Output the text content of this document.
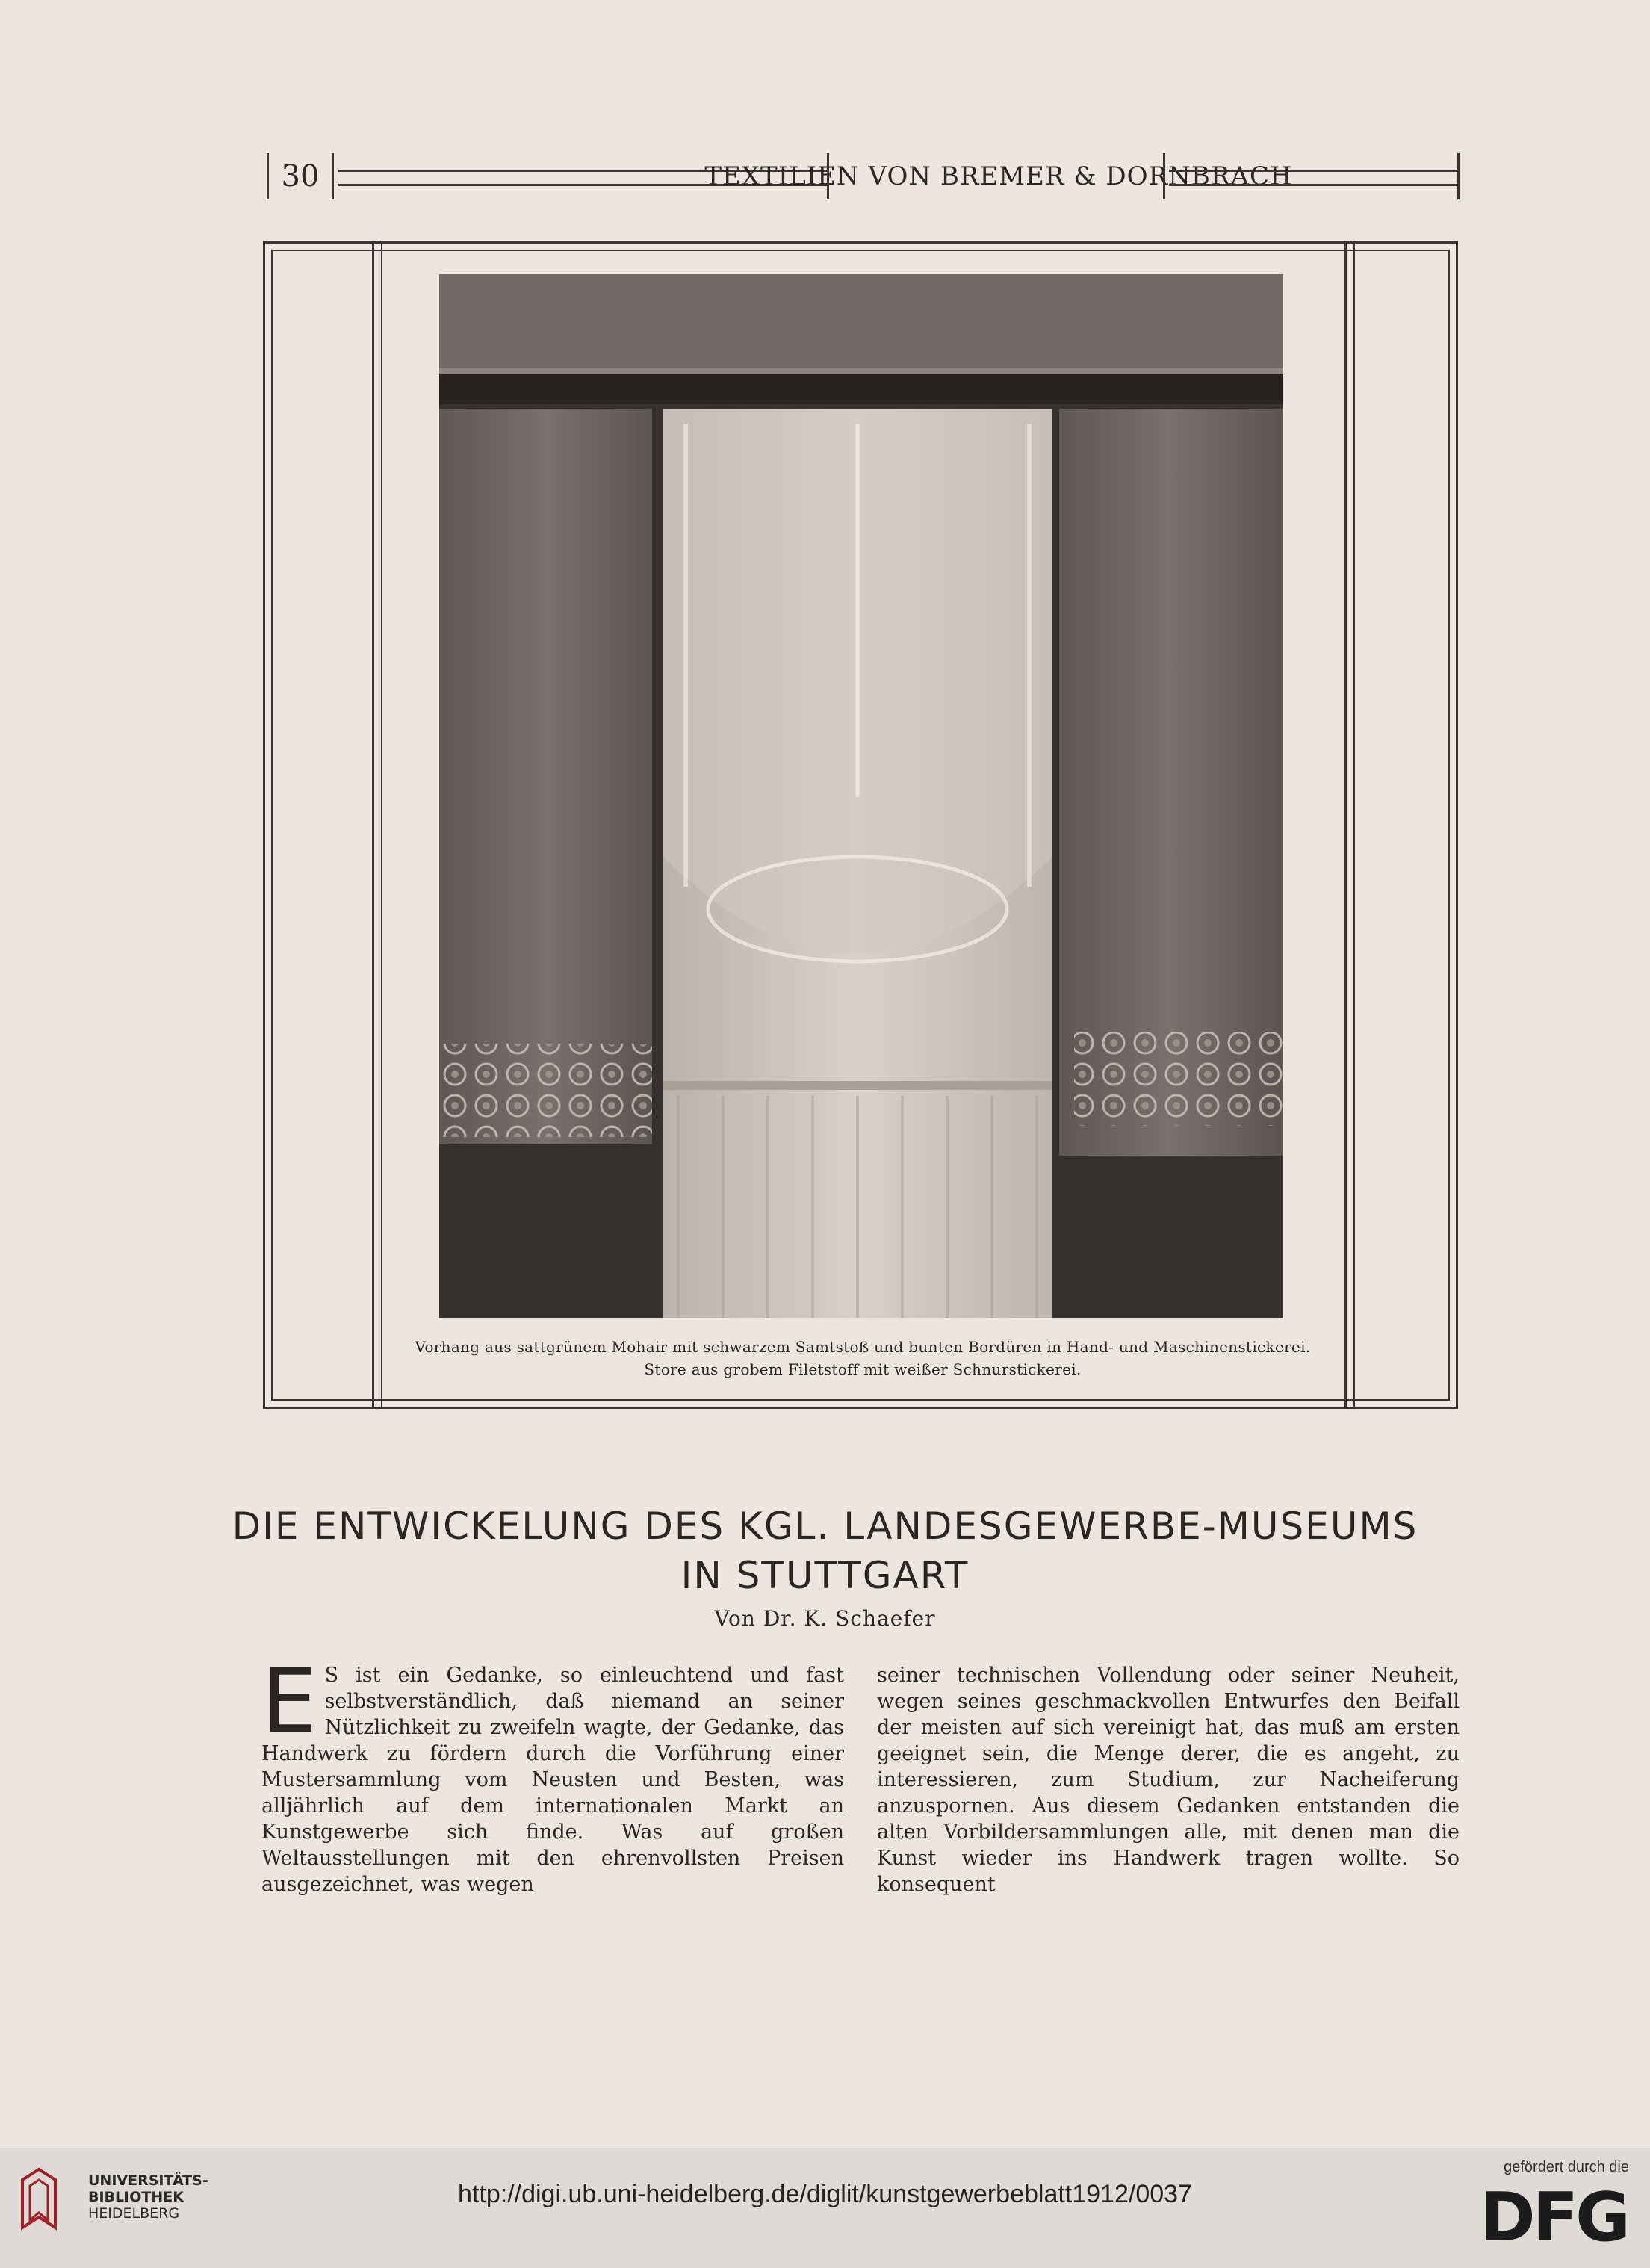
30	TEXTILIEN VON BREMER & DORNBRACH
Vorhang aus sattgrünem Mohair mit schwarzem Samtstoß und bunten Bordüren in Hand- und Maschinenstickerei.
Store aus grobem Filetstoff mit weißer Schnurstickerei.
DIE ENTWICKELUNG DES KGL. LANDESGEWERBE-MUSEUMS
IN STUTTGART
Von Dr. K. Schaefer

E S ist ein Gedanke, so einleuchtend und fast selbstverständlich, daß niemand an seiner Nützlichkeit zu zweifeln wagte, der Gedanke, das Handwerk zu fördern durch die Vorführung einer Mustersammlung vom Neusten und Besten, was alljährlich auf dem internationalen Markt an Kunstgewerbe sich finde. Was auf großen Weltausstellungen mit den ehrenvollsten Preisen ausgezeichnet, was wegen

seiner technischen Vollendung oder seiner Neuheit, wegen seines geschmackvollen Entwurfes den Beifall der meisten auf sich vereinigt hat, das muß am ersten geeignet sein, die Menge derer, die es angeht, zu interessieren, zum Studium, zur Nacheiferung anzuspornen. Aus diesem Gedanken entstanden die alten Vorbildersammlungen alle, mit denen man die Kunst wieder ins Handwerk tragen wollte. So konsequent

UNIVERSITÄTS-
BIBLIOTHEK
HEIDELBERG
http://digi.ub.uni-heidelberg.de/diglit/kunstgewerbeblatt1912/0037
gefördert durch die
DFG
